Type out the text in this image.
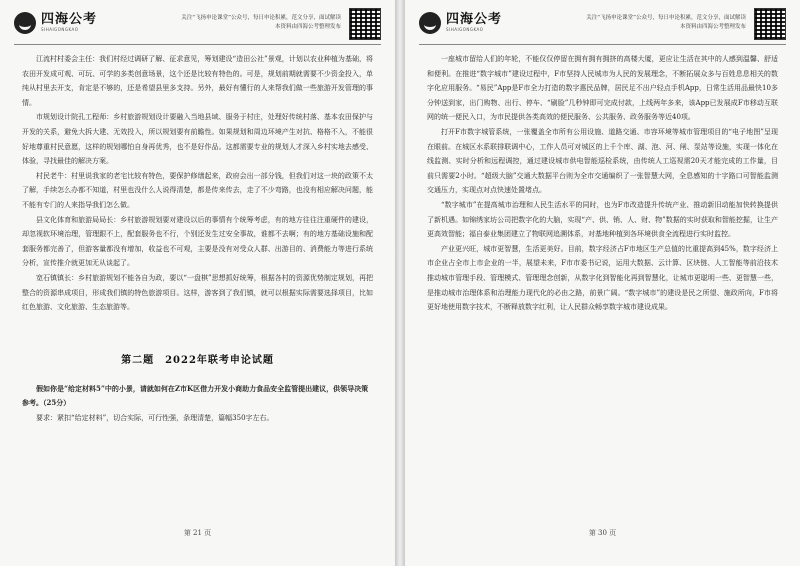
四海公考
SIHAIGONGKAO
关注“飞扬申论课堂”公众号，每日申论积累，范文分享，面试解读
本资料由四海公考整理发布

江流村村委会主任：我们村经过调研了解、征求意见，筹划建设“造田公社”景观，计划以农业种植为基础，将农田开发成可观、可玩、可学的多类创意场景，这个还是比较有特色的。可是，规划前期就需要不少资金投入，单纯从村里去开支，肯定是不够的，还是希望县里多支持。另外，最好有懂行的人来帮我们做一些旅游开发管理的事情。

市规划设计院孔工程师：乡村旅游规划设计要融入当地县域、服务于村庄，处理好传统村落、基本农田保护与开发的关系，避免大拆大建、无效投入，所以规划要有前瞻性。如果规划和周边环境产生对抗、格格不入，不能很好地尊重村民意愿，这样的规划哪怕自身再优秀，也不是好作品。这都需要专业的规划人才深入乡村实地去感受、体验，寻找最佳的解决方案。

村民老牛：村里说我家的老宅比较有特色，要保护修缮起来，政府会出一部分钱，但我们对这一块的政策不太了解，手续怎么办都不知道，村里也没什么人说得清楚，都是传来传去，走了不少弯路，也没有相应解决问题，能不能有专门的人来指导我们怎么做。

县文化体育和旅游局局长：乡村旅游规划要对建设以后的事情有个统筹考虑，有的地方往往注重硬件的建设，却忽视软环境治理，管理跟不上，配套服务也不行，个别还发生过安全事故，谁都不去啊；有的地方基础设施和配套服务都完善了，但游客量都没有增加，收益也不可观，主要是没有对受众人群、出游目的、消费能力等进行系统分析，宣传推介就更加无从谈起了。

宽石镇镇长：乡村旅游规划不能各自为政，要以“一盘棋”思想抓好统筹，根据各村的资源优势制定规划，再把整合的资源串成项目，形成我们镇的特色旅游项目。这样，游客到了我们镇，就可以根据实际需要选择项目，比如红色旅游、文化旅游、生态旅游等。

第二题　2022年联考申论试题

假如你是“给定材料5”中的小景，请就如何在Z市K区借力开发小商助力食品安全监管提出建议，供领导决策参考。（25分）

要求：紧扣“给定材料”，切合实际，可行性强，条理清楚，篇幅350字左右。

第 21 页
四海公考
SIHAIGONGKAO
关注“飞扬申论课堂”公众号，每日申论积累，范文分享，面试解读
本资料由四海公考整理发布

一座城市留给人们的年轮，不能仅仅停留在拥有拥有拥挤的高楼大厦，更应让生活在其中的人感到温馨、舒适和便利。在推进“数字城市”建设过程中，F市坚持人民城市为人民的发展理念，不断拓展众多与百姓息息相关的数字化应用服务。“易民”App是F市全力打造的数字惠民品牌，居民足不出户轻点手机App，日常生活用品最快10多分钟送到家，出门购物、出行、停车、“刷脸”几秒钟即可完成付款，上线两年多来，该App已发展成F市移动互联网的统一便民入口，为市民提供各类高效的便民服务、公共服务、政务服务等近40项。

打开F市数字城管系统，一张覆盖全市所有公用设施、道路交通、市容环境等城市管理项目的“电子地图”呈现在眼前。在城区水系联排联调中心，工作人员可对城区的上千个库、湖、泡、河、闸、泵站等设施，实现一体化在线监测、实时分析和远程调控，通过建设城市供电智能巡检系统，由传统人工巡视需20天才能完成的工作量，目前只需要2小时。“超级大脑”交通大数据平台则为全市交通编织了一张智慧大网，全息感知的十字路口可智能监测交通压力，实现点对点快速处置堵点。

“数字城市”在提高城市治理和人民生活水平的同时，也为F市改造提升传统产业、推动新旧动能加快转换提供了新机遇。如锦绣家坊公司把数字化的大脑，实现“产、供、销、人、财、物”数据的实时获取和智能挖掘，让生产更高效智能；福自泰业集团建立了物联网追溯体系，对基地种植到各环境供食全流程进行实时监控。

产业更兴旺，城市更智慧，生活更美好。目前，数字经济占F市地区生产总值的比重提高到45%，数字经济上市企业占全市上市企业的一半，展望未来，F市市委书记说，运用大数据、云计算、区块链、人工智能等前沿技术推动城市管理手段、管理模式、管理理念创新，从数字化到智能化再到智慧化，让城市更聪明一些、更智慧一些，是推动城市治理体系和治理能力现代化的必由之路，前景广阔。“数字城市”的建设是民之所望、施政所向，F市将更好地使用数字技术，不断释放数字红利，让人民群众畅享数字城市建设成果。

第 30 页
